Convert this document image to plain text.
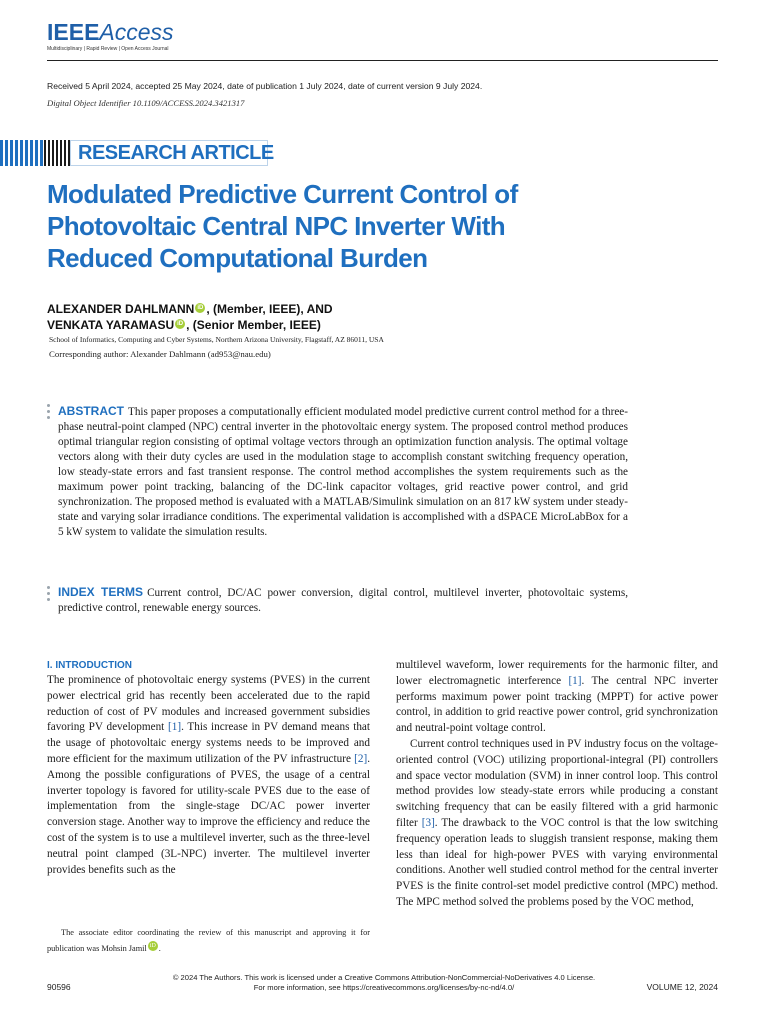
IEEEAccess
Multidisciplinary | Rapid Review | Open Access Journal
Received 5 April 2024, accepted 25 May 2024, date of publication 1 July 2024, date of current version 9 July 2024.
Digital Object Identifier 10.1109/ACCESS.2024.3421317
RESEARCH ARTICLE
Modulated Predictive Current Control of
Photovoltaic Central NPC Inverter With
Reduced Computational Burden
ALEXANDER DAHLMANN iD , (Member, IEEE), AND
VENKATA YARAMASU iD , (Senior Member, IEEE)
School of Informatics, Computing and Cyber Systems, Northern Arizona University, Flagstaff, AZ 86011, USA
Corresponding author: Alexander Dahlmann (ad953@nau.edu)
ABSTRACT This paper proposes a computationally efficient modulated model predictive current control method for a three-phase neutral-point clamped (NPC) central inverter in the photovoltaic energy system. The proposed control method produces optimal triangular region consisting of optimal voltage vectors through an optimization function analysis. The optimal voltage vectors along with their duty cycles are used in the modulation stage to accomplish constant switching frequency operation, low steady-state errors and fast transient response. The control method accomplishes the system requirements such as the maximum power point tracking, balancing of the DC-link capacitor voltages, grid reactive power control, and grid synchronization. The proposed method is evaluated with a MATLAB/Simulink simulation on an 817 kW system under steady-state and varying solar irradiance conditions. The experimental validation is accomplished with a dSPACE MicroLabBox for a 5 kW system to validate the simulation results.
INDEX TERMS Current control, DC/AC power conversion, digital control, multilevel inverter, photovoltaic systems, predictive control, renewable energy sources.
I. INTRODUCTION
The prominence of photovoltaic energy systems (PVES) in the current power electrical grid has recently been accelerated due to the rapid reduction of cost of PV modules and increased government subsidies favoring PV development [1]. This increase in PV demand means that the usage of photovoltaic energy systems needs to be improved and more efficient for the maximum utilization of the PV infrastructure [2]. Among the possible configurations of PVES, the usage of a central inverter topology is favored for utility-scale PVES due to the ease of implementation from the single-stage DC/AC power inverter conversion stage. Another way to improve the efficiency and reduce the cost of the system is to use a multilevel inverter, such as the three-level neutral point clamped (3L-NPC) inverter. The multilevel inverter provides benefits such as the
The associate editor coordinating the review of this manuscript and approving it for publication was Mohsin Jamil iD .
multilevel waveform, lower requirements for the harmonic filter, and lower electromagnetic interference [1]. The central NPC inverter performs maximum power point tracking (MPPT) for active power control, in addition to grid reactive power control, grid synchronization and neutral-point voltage control.
Current control techniques used in PV industry focus on the voltage-oriented control (VOC) utilizing proportional-integral (PI) controllers and space vector modulation (SVM) in inner control loop. This control method provides low steady-state errors while producing a constant switching frequency that can be easily filtered with a grid harmonic filter [3]. The drawback to the VOC control is that the low switching frequency operation leads to sluggish transient response, making them less than ideal for high-power PVES with varying environmental conditions. Another well studied control method for the central inverter PVES is the finite control-set model predictive control (MPC) method. The MPC method solved the problems posed by the VOC method,
© 2024 The Authors. This work is licensed under a Creative Commons Attribution-NonCommercial-NoDerivatives 4.0 License.
For more information, see https://creativecommons.org/licenses/by-nc-nd/4.0/
90596	VOLUME 12, 2024
